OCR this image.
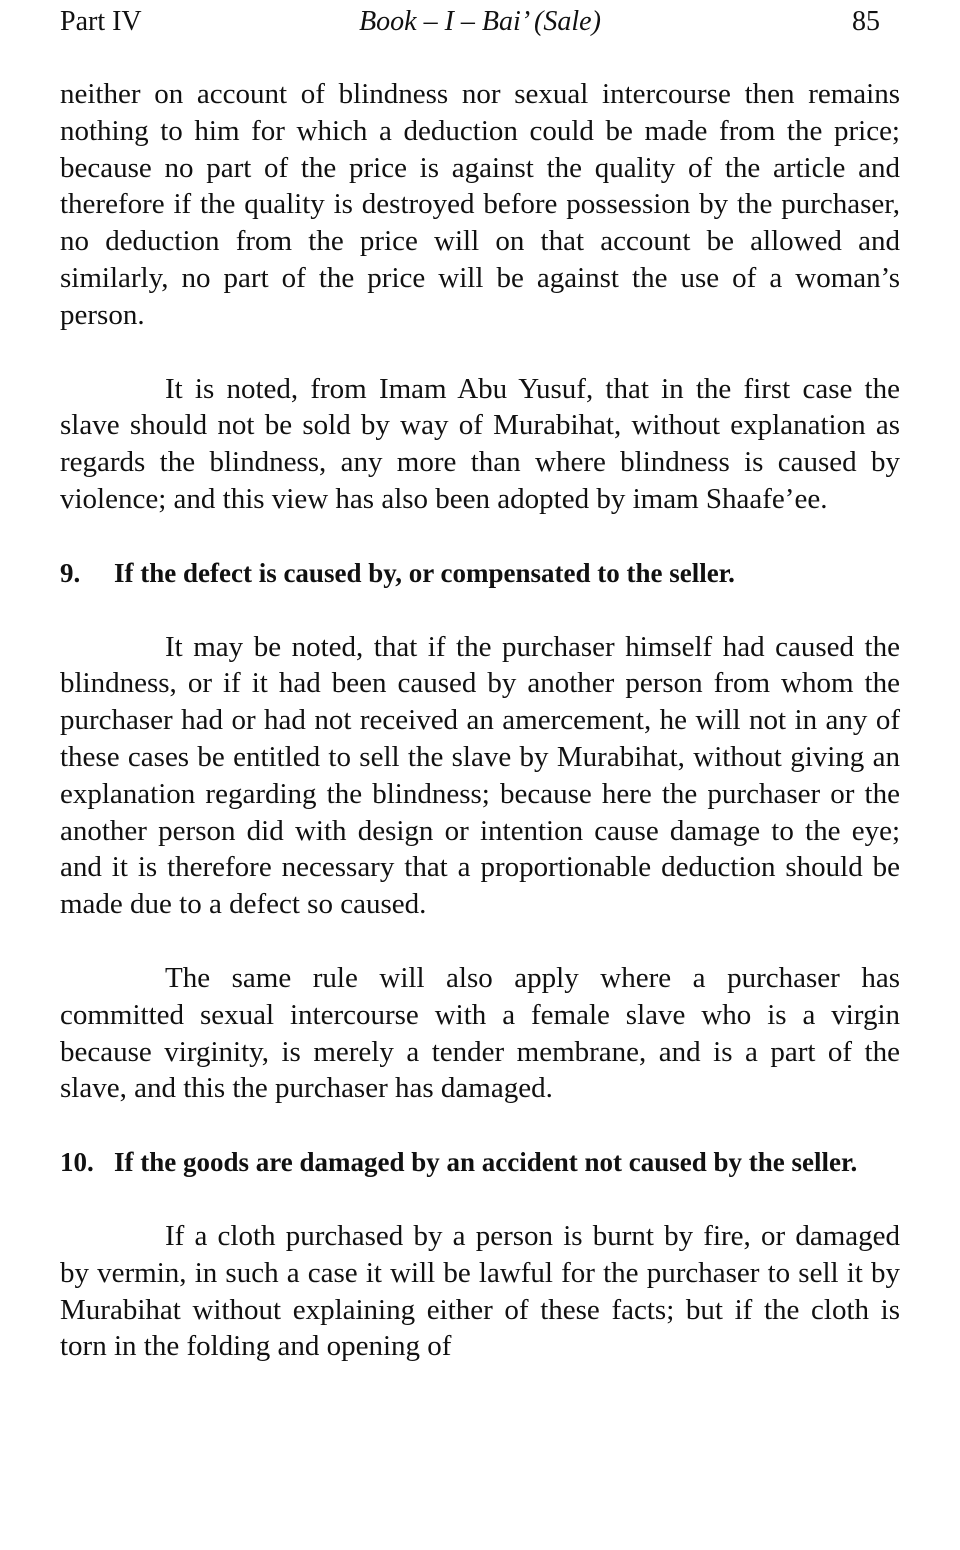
Part IV	Book – I – Bai’ (Sale)	85

neither on account of blindness nor sexual intercourse then remains nothing to him for which a deduction could be made from the price; because no part of the price is against the quality of the article and therefore if the quality is destroyed before possession by the purchaser, no deduction from the price will on that account be allowed and similarly, no part of the price will be against the use of a woman’s person.

It is noted, from Imam Abu Yusuf, that in the first case the slave should not be sold by way of Murabihat, without explanation as regards the blindness, any more than where blindness is caused by violence; and this view has also been adopted by imam Shaafe’ee.

9.	If the defect is caused by, or compensated to the seller.

It may be noted, that if the purchaser himself had caused the blindness, or if it had been caused by another person from whom the purchaser had or had not received an amercement, he will not in any of these cases be entitled to sell the slave by Murabihat, without giving an explanation regarding the blindness; because here the purchaser or the another person did with design or intention cause damage to the eye; and it is therefore necessary that a proportionable deduction should be made due to a defect so caused.

The same rule will also apply where a purchaser has committed sexual intercourse with a female slave who is a virgin because virginity, is merely a tender membrane, and is a part of the slave, and this the purchaser has damaged.

10. If the goods are damaged by an accident not caused by the seller.

If a cloth purchased by a person is burnt by fire, or damaged by vermin, in such a case it will be lawful for the purchaser to sell it by Murabihat without explaining either of these facts; but if the cloth is torn in the folding and opening of
